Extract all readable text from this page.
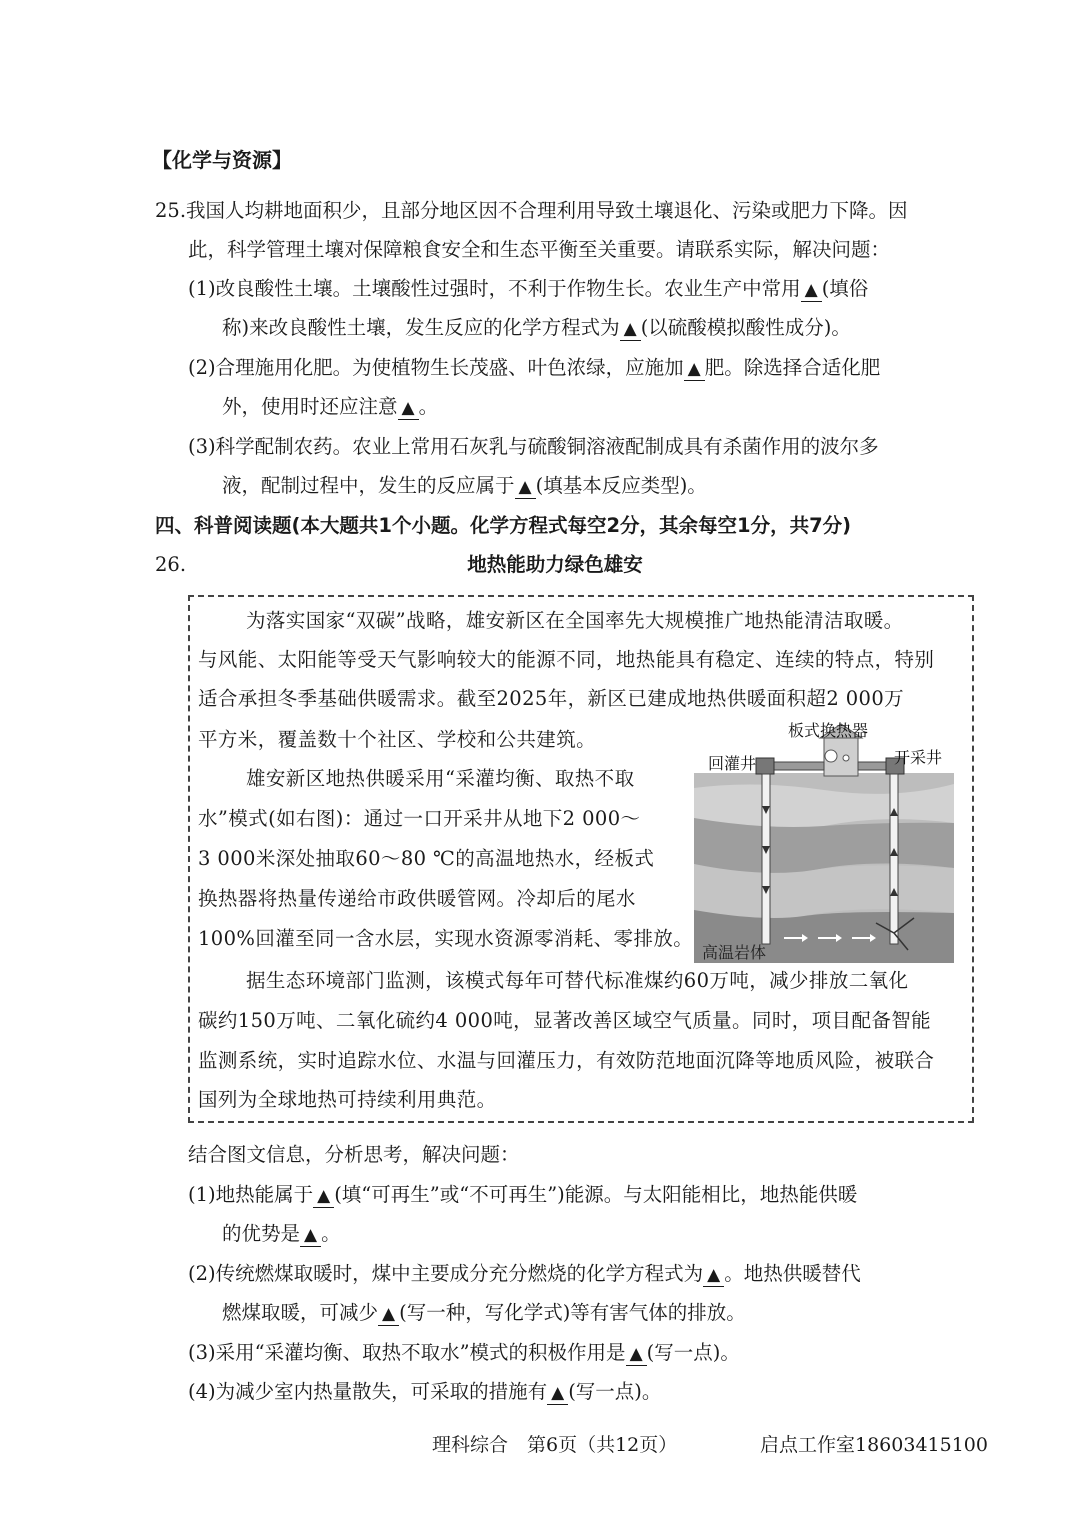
【化学与资源】
25.我国人均耕地面积少，且部分地区因不合理利用导致土壤退化、污染或肥力下降。因
此，科学管理土壤对保障粮食安全和生态平衡至关重要。请联系实际，解决问题：
(1)改良酸性土壤。土壤酸性过强时，不利于作物生长。农业生产中常用 ▲ (填俗
称)来改良酸性土壤，发生反应的化学方程式为 ▲ (以硫酸模拟酸性成分)。
(2)合理施用化肥。为使植物生长茂盛、叶色浓绿，应施加 ▲ 肥。除选择合适化肥
外，使用时还应注意 ▲ 。
(3)科学配制农药。农业上常用石灰乳与硫酸铜溶液配制成具有杀菌作用的波尔多
液，配制过程中，发生的反应属于 ▲ (填基本反应类型)。
四、科普阅读题(本大题共1个小题。化学方程式每空2分，其余每空1分，共7分)
26.	地热能助力绿色雄安
为落实国家“双碳”战略，雄安新区在全国率先大规模推广地热能清洁取暖。
与风能、太阳能等受天气影响较大的能源不同，地热能具有稳定、连续的特点，特别
适合承担冬季基础供暖需求。截至2025年，新区已建成地热供暖面积超2 000万
平方米，覆盖数十个社区、学校和公共建筑。
雄安新区地热供暖采用“采灌均衡、取热不取
水”模式(如右图)：通过一口开采井从地下2 000～
3 000米深处抽取60～80 ℃的高温地热水，经板式
换热器将热量传递给市政供暖管网。冷却后的尾水
100%回灌至同一含水层，实现水资源零消耗、零排放。
据生态环境部门监测，该模式每年可替代标准煤约60万吨，减少排放二氧化
碳约150万吨、二氧化硫约4 000吨，显著改善区域空气质量。同时，项目配备智能
监测系统，实时追踪水位、水温与回灌压力，有效防范地面沉降等地质风险，被联合
国列为全球地热可持续利用典范。
板式换热器
回灌井	开采井
高温岩体
结合图文信息，分析思考，解决问题：
(1)地热能属于 ▲ (填“可再生”或“不可再生”)能源。与太阳能相比，地热能供暖
的优势是 ▲ 。
(2)传统燃煤取暖时，煤中主要成分充分燃烧的化学方程式为 ▲ 。地热供暖替代
燃煤取暖，可减少 ▲ (写一种，写化学式)等有害气体的排放。
(3)采用“采灌均衡、取热不取水”模式的积极作用是 ▲ (写一点)。
(4)为减少室内热量散失，可采取的措施有 ▲ (写一点)。
理科综合　第6页（共12页）	启点工作室18603415100
